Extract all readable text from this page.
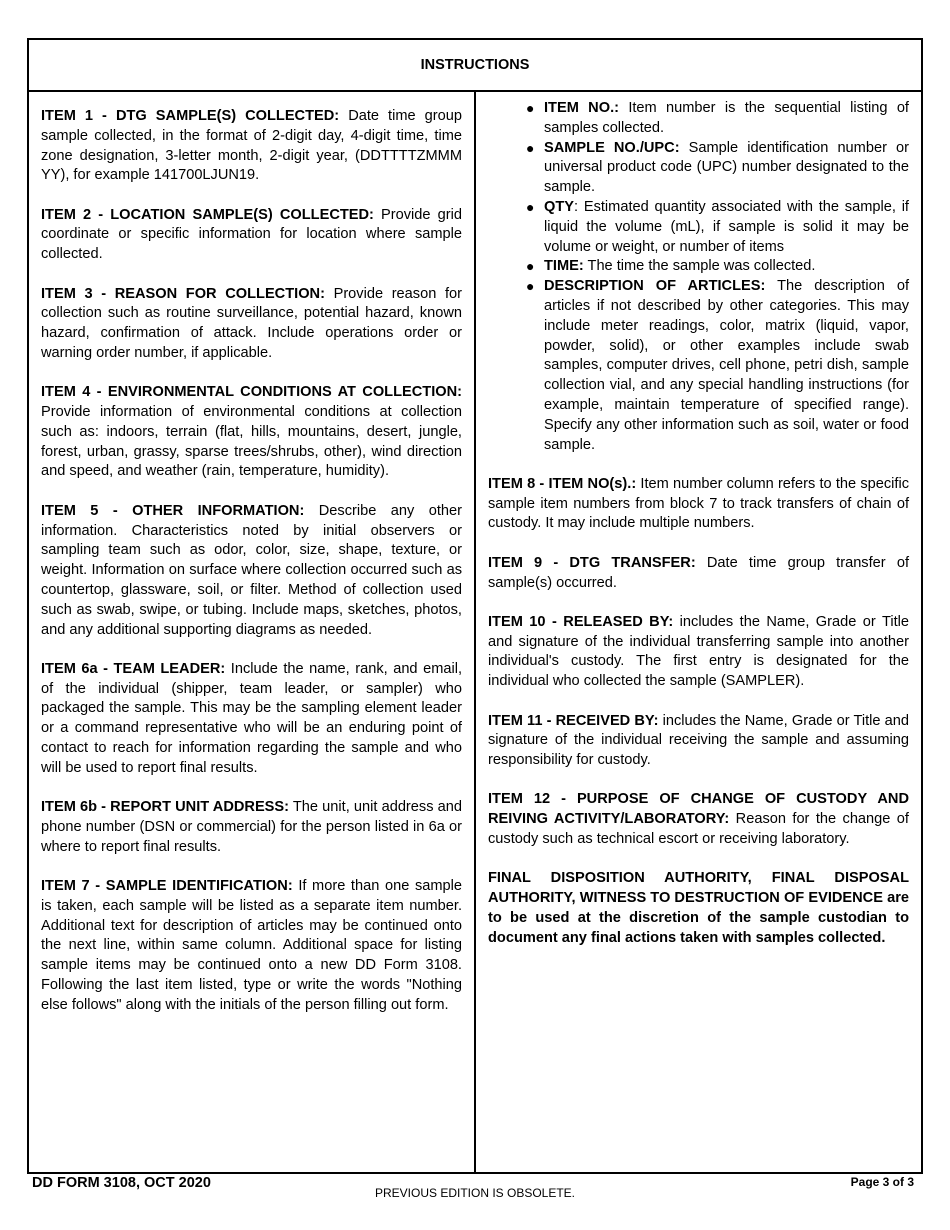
INSTRUCTIONS

ITEM 1 - DTG SAMPLE(S) COLLECTED: Date time group sample collected, in the format of 2-digit day, 4-digit time, time zone designation, 3-letter month, 2-digit year, (DDTTTTZMMM YY), for example 141700LJUN19.

ITEM 2 - LOCATION SAMPLE(S) COLLECTED: Provide grid coordinate or specific information for location where sample collected.

ITEM 3 - REASON FOR COLLECTION: Provide reason for collection such as routine surveillance, potential hazard, known hazard, confirmation of attack. Include operations order or warning order number, if applicable.

ITEM 4 - ENVIRONMENTAL CONDITIONS AT COLLECTION: Provide information of environmental conditions at collection such as: indoors, terrain (flat, hills, mountains, desert, jungle, forest, urban, grassy, sparse trees/shrubs, other), wind direction and speed, and weather (rain, temperature, humidity).

ITEM 5 - OTHER INFORMATION: Describe any other information. Characteristics noted by initial observers or sampling team such as odor, color, size, shape, texture, or weight. Information on surface where collection occurred such as countertop, glassware, soil, or filter. Method of collection used such as swab, swipe, or tubing. Include maps, sketches, photos, and any additional supporting diagrams as needed.

ITEM 6a - TEAM LEADER: Include the name, rank, and email, of the individual (shipper, team leader, or sampler) who packaged the sample. This may be the sampling element leader or a command representative who will be an enduring point of contact to reach for information regarding the sample and who will be used to report final results.

ITEM 6b - REPORT UNIT ADDRESS: The unit, unit address and phone number (DSN or commercial) for the person listed in 6a or where to report final results.

ITEM 7 - SAMPLE IDENTIFICATION: If more than one sample is taken, each sample will be listed as a separate item number. Additional text for description of articles may be continued onto the next line, within same column. Additional space for listing sample items may be continued onto a new DD Form 3108. Following the last item listed, type or write the words "Nothing else follows" along with the initials of the person filling out form.

● ITEM NO.: Item number is the sequential listing of samples collected.
● SAMPLE NO./UPC: Sample identification number or universal product code (UPC) number designated to the sample.
● QTY: Estimated quantity associated with the sample, if liquid the volume (mL), if sample is solid it may be volume or weight, or number of items
● TIME: The time the sample was collected.
● DESCRIPTION OF ARTICLES: The description of articles if not described by other categories. This may include meter readings, color, matrix (liquid, vapor, powder, solid), or other examples include swab samples, computer drives, cell phone, petri dish, sample collection vial, and any special handling instructions (for example, maintain temperature of specified range). Specify any other information such as soil, water or food sample.

ITEM 8 - ITEM NO(s).: Item number column refers to the specific sample item numbers from block 7 to track transfers of chain of custody. It may include multiple numbers.

ITEM 9 - DTG TRANSFER: Date time group transfer of sample(s) occurred.

ITEM 10 - RELEASED BY: includes the Name, Grade or Title and signature of the individual transferring sample into another individual's custody. The first entry is designated for the individual who collected the sample (SAMPLER).

ITEM 11 - RECEIVED BY: includes the Name, Grade or Title and signature of the individual receiving the sample and assuming responsibility for custody.

ITEM 12 - PURPOSE OF CHANGE OF CUSTODY AND REIVING ACTIVITY/LABORATORY: Reason for the change of custody such as technical escort or receiving laboratory.

FINAL DISPOSITION AUTHORITY, FINAL DISPOSAL AUTHORITY, WITNESS TO DESTRUCTION OF EVIDENCE are to be used at the discretion of the sample custodian to document any final actions taken with samples collected.

DD FORM 3108, OCT 2020
PREVIOUS EDITION IS OBSOLETE.
Page 3 of 3
